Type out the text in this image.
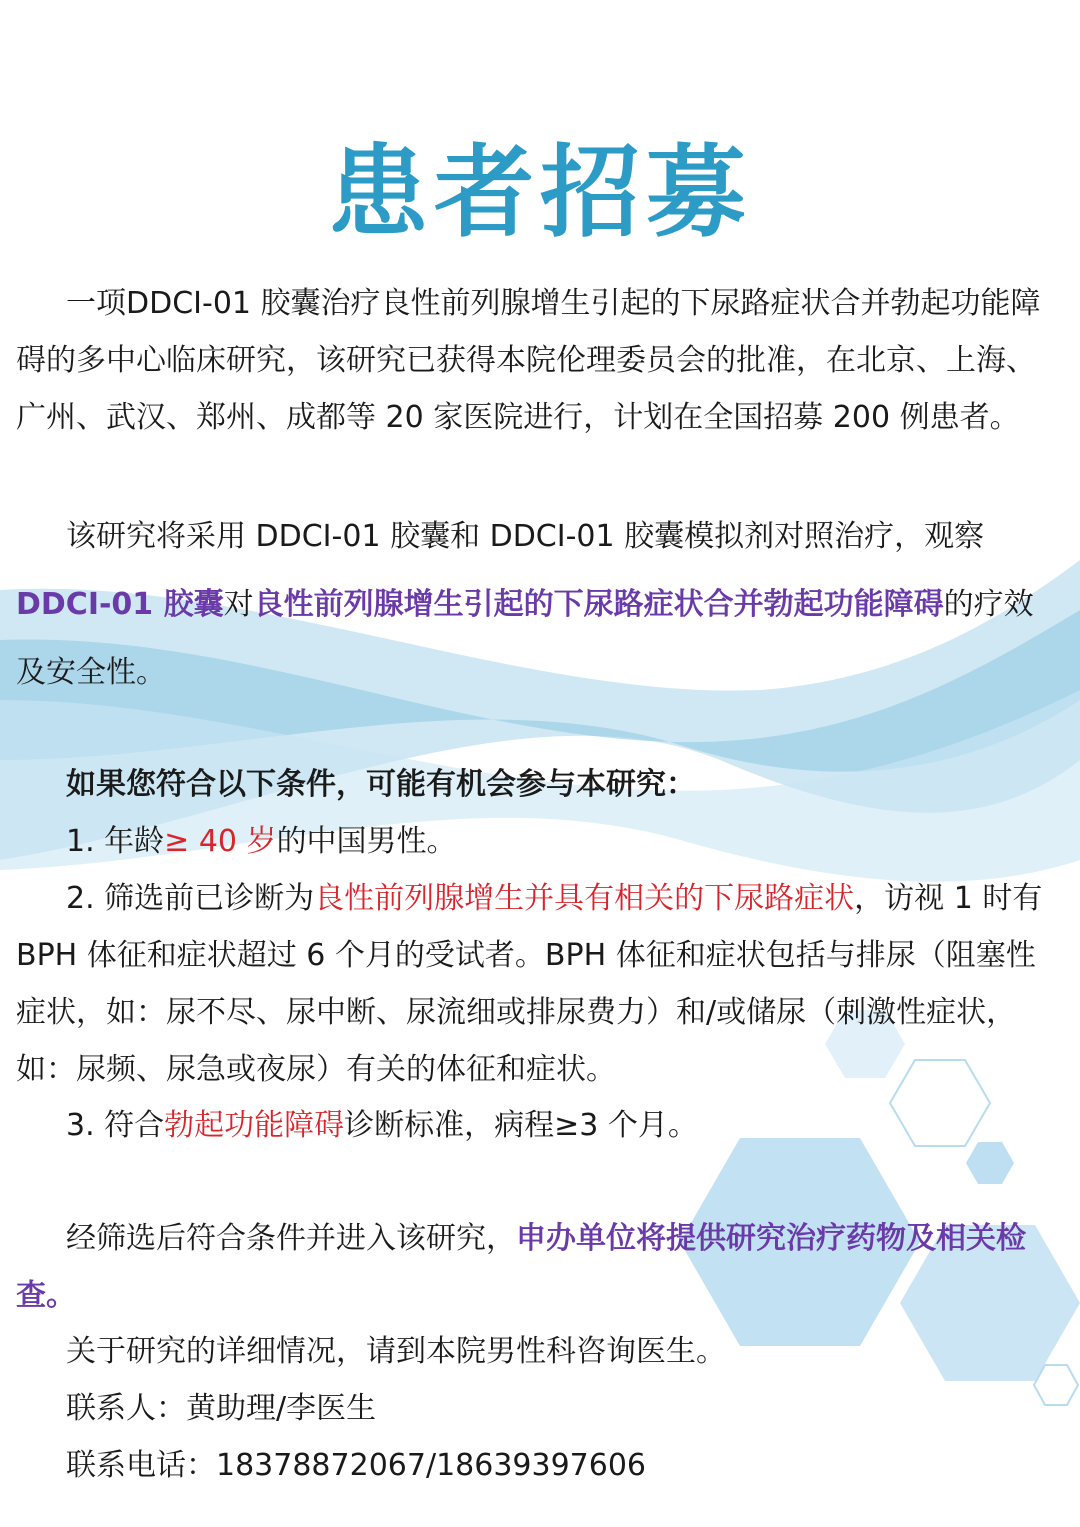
患者招募

一项DDCI-01 胶囊治疗良性前列腺增生引起的下尿路症状合并勃起功能障碍的多中心临床研究，该研究已获得本院伦理委员会的批准，在北京、上海、广州、武汉、郑州、成都等 20 家医院进行，计划在全国招募 200 例患者。

该研究将采用 DDCI-01 胶囊和 DDCI-01 胶囊模拟剂对照治疗，观察DDCI-01 胶囊对良性前列腺增生引起的下尿路症状合并勃起功能障碍的疗效及安全性。

如果您符合以下条件，可能有机会参与本研究：
1. 年龄≥ 40 岁的中国男性。

2. 筛选前已诊断为良性前列腺增生并具有相关的下尿路症状，访视 1 时有 BPH 体征和症状超过 6 个月的受试者。BPH 体征和症状包括与排尿（阻塞性症状，如：尿不尽、尿中断、尿流细或排尿费力）和/或储尿（刺激性症状，如：尿频、尿急或夜尿）有关的体征和症状。

3. 符合勃起功能障碍诊断标准，病程≥3 个月。

经筛选后符合条件并进入该研究，申办单位将提供研究治疗药物及相关检查。

关于研究的详细情况，请到本院男性科咨询医生。
联系人：黄助理/李医生
联系电话：18378872067/18639397606
